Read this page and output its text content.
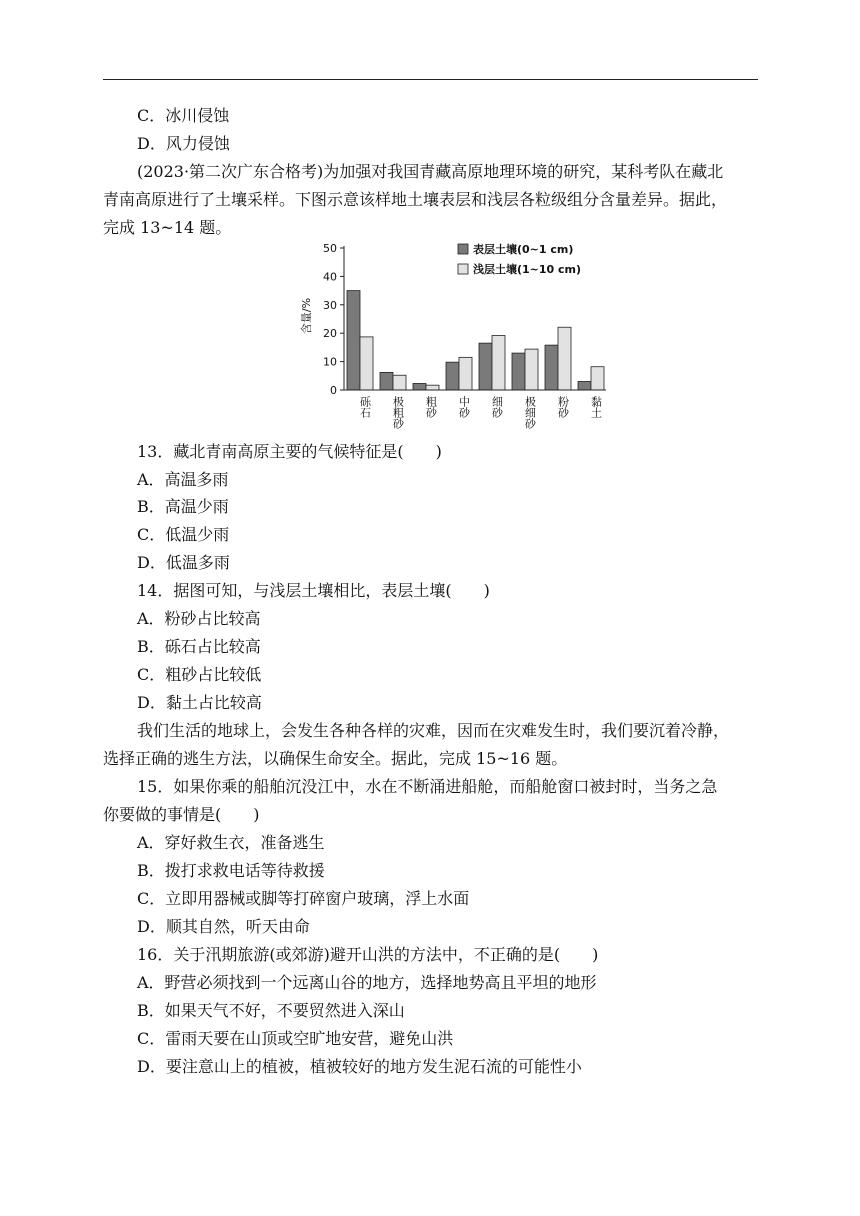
C．冰川侵蚀
D．风力侵蚀
(2023·第二次广东合格考)为加强对我国青藏高原地理环境的研究，某科考队在藏北
青南高原进行了土壤采样。下图示意该样地土壤表层和浅层各粒级组分含量差异。据此，
完成 13~14 题。
13．藏北青南高原主要的气候特征是(　　)
A．高温多雨
B．高温少雨
C．低温少雨
D．低温多雨
14．据图可知，与浅层土壤相比，表层土壤(　　)
A．粉砂占比较高
B．砾石占比较高
C．粗砂占比较低
D．黏土占比较高
我们生活的地球上，会发生各种各样的灾难，因而在灾难发生时，我们要沉着冷静，
选择正确的逃生方法，以确保生命安全。据此，完成 15~16 题。
15．如果你乘的船舶沉没江中，水在不断涌进船舱，而船舱窗口被封时，当务之急
你要做的事情是(　　)
A．穿好救生衣，准备逃生
B．拨打求救电话等待救援
C．立即用器械或脚等打碎窗户玻璃，浮上水面
D．顺其自然，听天由命
16．关于汛期旅游(或郊游)避开山洪的方法中，不正确的是(　　)
A．野营必须找到一个远离山谷的地方，选择地势高且平坦的地形
B．如果天气不好，不要贸然进入深山
C．雷雨天要在山顶或空旷地安营，避免山洪
D．要注意山上的植被，植被较好的地方发生泥石流的可能性小
0
10
20
30
40
50
含量/%
砾石 极粗砂 粗砂 中砂 细砂 极细砂 粉砂 黏土
表层土壤(0~1 cm)
浅层土壤(1~10 cm)
